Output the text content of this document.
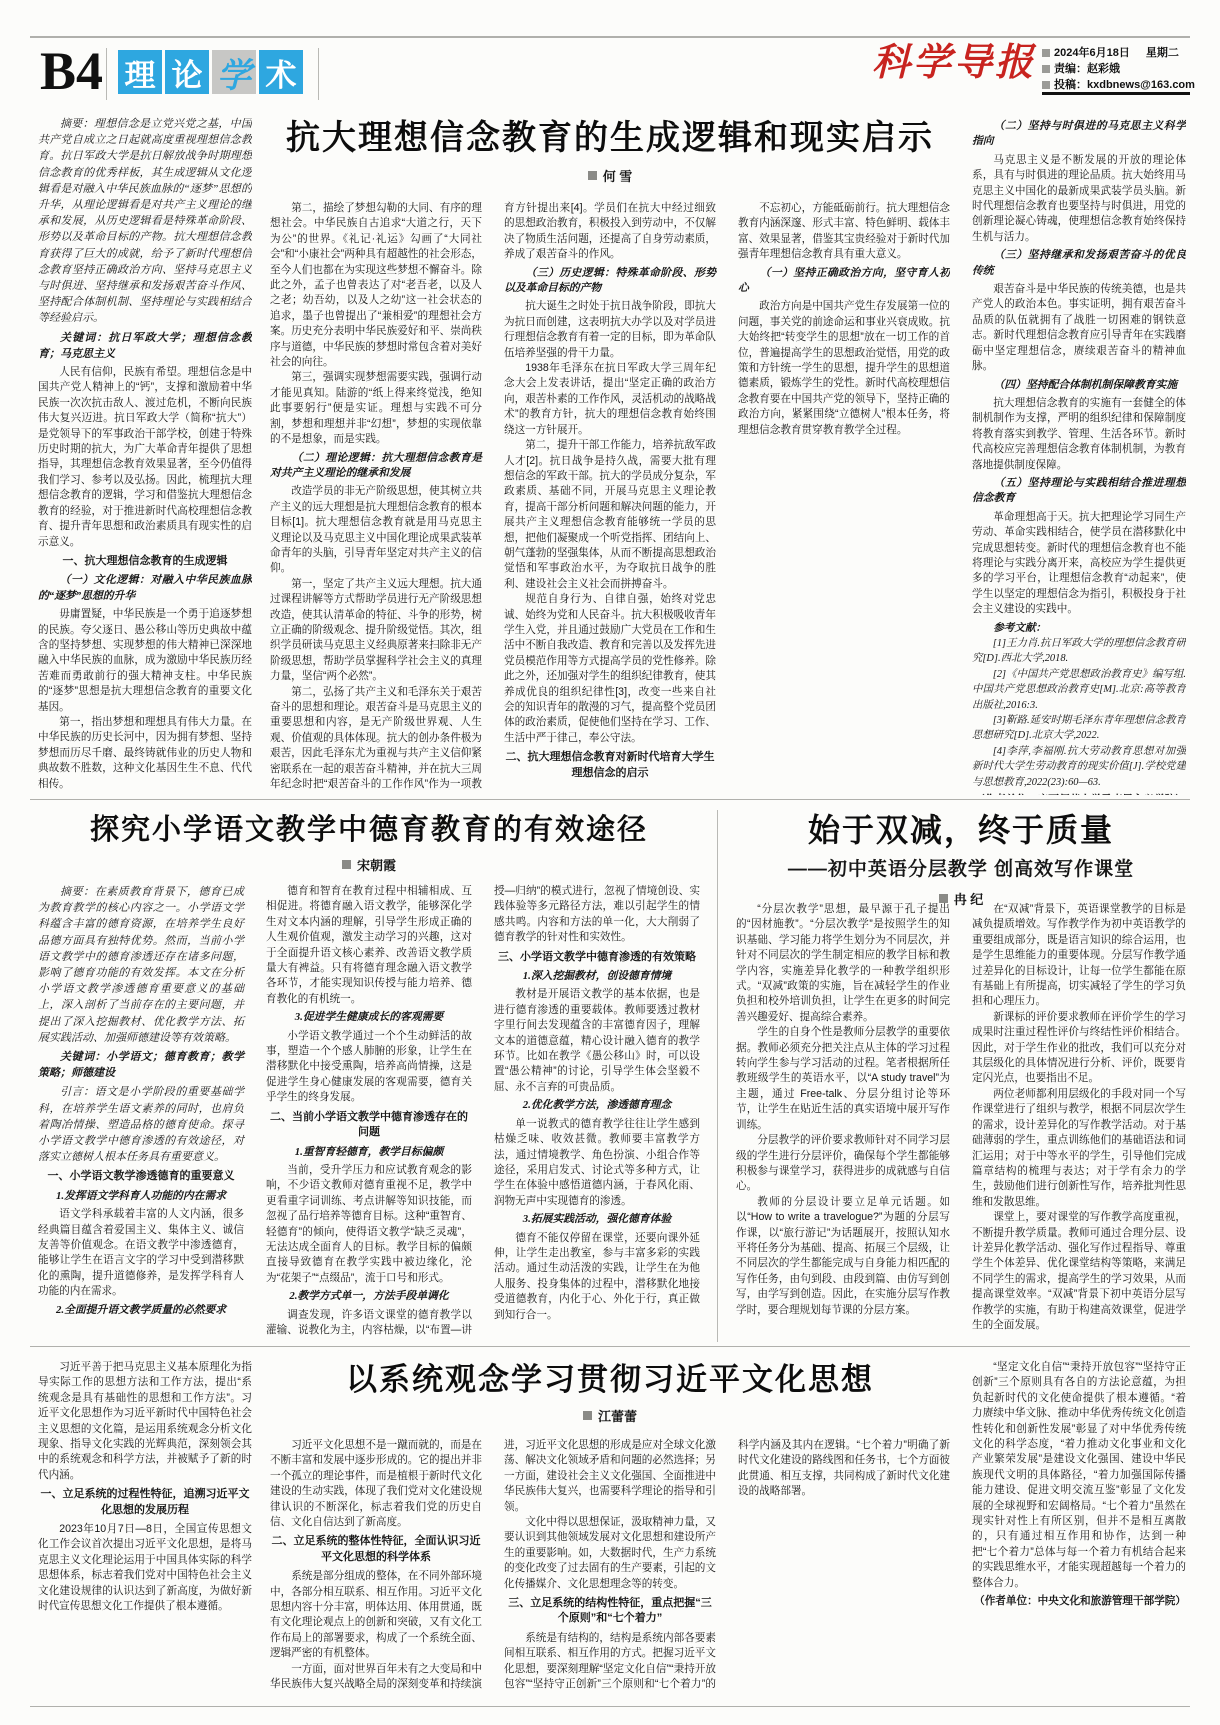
B4 理 论 学 术	科学导报 2024年6月18日 星期二
责编：赵彩娥
投稿：kxdbnews@163.com
抗大理想信念教育的生成逻辑和现实启示
何 雪

摘要：理想信念是立党兴党之基，中国共产党自成立之日起就高度重视理想信念教育。抗日军政大学是抗日解放战争时期理想信念教育的优秀样板，其生成逻辑从文化逻辑看是对融入中华民族血脉的“逐梦”思想的升华，从理论逻辑看是对共产主义理论的继承和发展，从历史逻辑看是特殊革命阶段、形势以及革命目标的产物。抗大理想信念教育获得了巨大的成就，给予了新时代理想信念教育坚持正确政治方向、坚持马克思主义与时俱进、坚持继承和发扬艰苦奋斗作风、坚持配合体制机制、坚持理论与实践相结合等经验启示。

关键词：抗日军政大学；理想信念教育；马克思主义

人民有信仰，民族有希望。理想信念是中国共产党人精神上的“钙”，支撑和激励着中华民族一次次抗击敌人、渡过危机，不断向民族伟大复兴迈进。抗日军政大学（简称“抗大”）是党领导下的军事政治干部学校，创建于特殊历史时期的抗大，为广大革命青年提供了思想指导，其理想信念教育效果显著，至今仍值得我们学习、参考以及弘扬。因此，梳理抗大理想信念教育的逻辑，学习和借鉴抗大理想信念教育的经验，对于推进新时代高校理想信念教育、提升青年思想和政治素质具有现实性的启示意义。

一、抗大理想信念教育的生成逻辑

（一）文化逻辑：对融入中华民族血脉的“逐梦”思想的升华

毋庸置疑，中华民族是一个勇于追逐梦想的民族。夸父逐日、愚公移山等历史典故中蕴含的坚持梦想、实现梦想的伟大精神已深深地融入中华民族的血脉，成为激励中华民族历经苦难而勇敢前行的强大精神支柱。中华民族的“逐梦”思想是抗大理想信念教育的重要文化基因。

第一，指出梦想和理想具有伟大力量。在中华民族的历史长河中，因为拥有梦想、坚持梦想而历尽千磨、最终铸就伟业的历史人物和典故数不胜数，这种文化基因生生不息、代代相传。

第二，描绘了梦想勾勒的大同、有序的理想社会。中华民族自古追求“大道之行，天下为公”的世界。《礼记·礼运》勾画了“大同社会”和“小康社会”两种具有超越性的社会形态，至今人们也都在为实现这些梦想不懈奋斗。除此之外，孟子也曾表达了对“老吾老，以及人之老；幼吾幼，以及人之幼”这一社会状态的追求，墨子也曾提出了“兼相爱”的理想社会方案。历史充分表明中华民族爱好和平、崇尚秩序与道德，中华民族的梦想时常包含着对美好社会的向往。

第三，强调实现梦想需要实践，强调行动才能见真知。陆游的“纸上得来终觉浅，绝知此事要躬行”便是实证。理想与实践不可分割，梦想和理想并非“幻想”，梦想的实现依靠的不是想象，而是实践。

（二）理论逻辑：抗大理想信念教育是对共产主义理论的继承和发展

改造学员的非无产阶级思想，使其树立共产主义的远大理想是抗大理想信念教育的根本目标[1]。抗大理想信念教育就是用马克思主义理论以及马克思主义中国化理论成果武装革命青年的头脑，引导青年坚定对共产主义的信仰。

第一，坚定了共产主义远大理想。抗大通过课程讲解等方式帮助学员进行无产阶级思想改造，使其认清革命的特征、斗争的形势，树立正确的阶级观念、提升阶级觉悟。其次，组织学员研读马克思主义经典原著来扫除非无产阶级思想，帮助学员掌握科学社会主义的真理力量，坚信“两个必然”。

第二，弘扬了共产主义和毛泽东关于艰苦奋斗的思想和理论。艰苦奋斗是马克思主义的重要思想和内容，是无产阶级世界观、人生观、价值观的具体体现。抗大的创办条件极为艰苦，因此毛泽东尤为重视与共产主义信仰紧密联系在一起的艰苦奋斗精神，并在抗大三周年纪念时把“艰苦奋斗的工作作风”作为一项教育方针提出来[4]。学员们在抗大中经过细致的思想政治教育，积极投入到劳动中，不仅解决了物质生活问题，还提高了自身劳动素质，养成了艰苦奋斗的作风。

（三）历史逻辑：特殊革命阶段、形势以及革命目标的产物

抗大诞生之时处于抗日战争阶段，即抗大为抗日而创建，这表明抗大办学以及对学员进行理想信念教育有着一定的目标，即为革命队伍培养坚强的骨干力量。

1938年毛泽东在抗日军政大学三周年纪念大会上发表讲话，提出“坚定正确的政治方向，艰苦朴素的工作作风，灵活机动的战略战术”的教育方针，抗大的理想信念教育始终围绕这一方针展开。

第二，提升干部工作能力，培养抗敌军政人才[2]。抗日战争是持久战，需要大批有理想信念的军政干部。抗大的学员成分复杂，军政素质、基础不同，开展马克思主义理论教育，提高干部分析问题和解决问题的能力，开展共产主义理想信念教育能够统一学员的思想，把他们凝聚成一个听党指挥、团结向上、朝气蓬勃的坚强集体，从而不断提高思想政治觉悟和军事政治水平，为夺取抗日战争的胜利、建设社会主义社会而拼搏奋斗。

规范自身行为、自律自强，始终对党忠诚、始终为党和人民奋斗。抗大积极吸收青年学生入党，并且通过鼓励广大党员在工作和生活中不断自我改造、教育和完善以及发挥先进党员模范作用等方式提高学员的党性修养。除此之外，还加强对学生的组织纪律教育，使其养成优良的组织纪律性[3]，改变一些来自社会的知识青年的散漫的习气，提高整个党员团体的政治素质，促使他们坚持在学习、工作、生活中严于律己，奉公守法。

二、抗大理想信念教育对新时代培育大学生理想信念的启示

不忘初心，方能砥砺前行。抗大理想信念教育内涵深邃、形式丰富、特色鲜明、载体丰富、效果显著，借鉴其宝贵经验对于新时代加强青年理想信念教育具有重大意义。

（一）坚持正确政治方向，坚守育人初心

政治方向是中国共产党生存发展第一位的问题，事关党的前途命运和事业兴衰成败。抗大始终把“转变学生的思想”放在一切工作的首位，普遍提高学生的思想政治觉悟，用党的政策和方针统一学生的思想，提升学生的思想道德素质，锻炼学生的党性。新时代高校理想信念教育要在中国共产党的领导下，坚持正确的政治方向，紧紧围绕“立德树人”根本任务，将理想信念教育贯穿教育教学全过程。

（二）坚持与时俱进的马克思主义科学指向

马克思主义是不断发展的开放的理论体系，具有与时俱进的理论品质。抗大始终用马克思主义中国化的最新成果武装学员头脑。新时代理想信念教育也要坚持与时俱进，用党的创新理论凝心铸魂，使理想信念教育始终保持生机与活力。

（三）坚持继承和发扬艰苦奋斗的优良传统

艰苦奋斗是中华民族的传统美德，也是共产党人的政治本色。事实证明，拥有艰苦奋斗品质的队伍就拥有了战胜一切困难的钢铁意志。新时代理想信念教育应引导青年在实践磨砺中坚定理想信念，赓续艰苦奋斗的精神血脉。

（四）坚持配合体制机制保障教育实施

抗大理想信念教育的实施有一套健全的体制机制作为支撑，严明的组织纪律和保障制度将教育落实到教学、管理、生活各环节。新时代高校应完善理想信念教育体制机制，为教育落地提供制度保障。

（五）坚持理论与实践相结合推进理想信念教育

革命理想高于天。抗大把理论学习同生产劳动、革命实践相结合，使学员在潜移默化中完成思想转变。新时代的理想信念教育也不能将理论与实践分离开来，高校应为学生提供更多的学习平台，让理想信念教育“动起来”，使学生以坚定的理想信念为指引，积极投身于社会主义建设的实践中。

参考文献：

[1]王力肖.抗日军政大学的理想信念教育研究[D].西北大学,2018.

[2]《中国共产党思想政治教育史》编写组.中国共产党思想政治教育史[M].北京:高等教育出版社,2016:3.

[3]靳路.延安时期毛泽东青年理想信念教育思想研究[D].北京大学,2022.

[4]李萍,李福刚.抗大劳动教育思想对加强新时代大学生劳动教育的现实价值[J].学校党建与思想教育,2022(23):60—63.

探究小学语文教学中德育教育的有效途径
宋朝霞

摘要：在素质教育背景下，德育已成为教育教学的核心内容之一。小学语文学科蕴含丰富的德育资源，在培养学生良好品德方面具有独特优势。然而，当前小学语文教学中的德育渗透还存在诸多问题，影响了德育功能的有效发挥。本文在分析小学语文教学渗透德育重要意义的基础上，深入剖析了当前存在的主要问题，并提出了深入挖掘教材、优化教学方法、拓展实践活动、加强师德建设等有效策略。

关键词：小学语文；德育教育；教学策略；师德建设

引言：语文是小学阶段的重要基础学科，在培养学生语文素养的同时，也肩负着陶冶情操、塑造品格的德育使命。探寻小学语文教学中德育渗透的有效途径，对落实立德树人根本任务具有重要意义。

一、小学语文教学渗透德育的重要意义

1.发挥语文学科育人功能的内在需求

语文学科承载着丰富的人文内涵，很多经典篇目蕴含着爱国主义、集体主义、诚信友善等价值观念。在语文教学中渗透德育，能够让学生在语言文字的学习中受到潜移默化的熏陶，提升道德修养，是发挥学科育人功能的内在需求。

2.全面提升语文教学质量的必然要求

德育和智育在教育过程中相辅相成、互相促进。将德育融入语文教学，能够深化学生对文本内涵的理解，引导学生形成正确的人生观价值观，激发主动学习的兴趣，这对于全面提升语文核心素养、改善语文教学质量大有裨益。只有将德育理念融入语文教学各环节，才能实现知识传授与能力培养、德育教化的有机统一。

3.促进学生健康成长的客观需要

小学语文教学通过一个个生动鲜活的故事，塑造一个个感人肺腑的形象，让学生在潜移默化中接受熏陶，培养高尚情操，这是促进学生身心健康发展的客观需要，德育关乎学生的终身发展。

二、当前小学语文教学中德育渗透存在的问题

1.重智育轻德育，教学目标偏颇

当前，受升学压力和应试教育观念的影响，不少语文教师对德育重视不足，教学中更看重字词训练、考点讲解等知识技能，而忽视了品行培养等德育目标。这种“重智育、轻德育”的倾向，使得语文教学“缺乏灵魂”，无法达成全面育人的目标。教学目标的偏颇直接导致德育在教学实践中被边缘化，沦为“花架子”“点缀品”，流于口号和形式。

2.教学方式单一，方法手段单调化

调查发现，许多语文课堂的德育教学以灌输、说教化为主，内容枯燥，以“布置—讲授—归纳”的模式进行，忽视了情境创设、实践体验等多元路径方法，难以引起学生的情感共鸣。内容和方法的单一化，大大削弱了德育教学的针对性和实效性。

三、小学语文教学中德育渗透的有效策略

1.深入挖掘教材，创设德育情境

教材是开展语文教学的基本依据，也是进行德育渗透的重要载体。教师要透过教材字里行间去发现蕴含的丰富德育因子，理解文本的道德意蕴，精心设计融入德育的教学环节。比如在教学《愚公移山》时，可以设置“愚公精神”的讨论，引导学生体会坚毅不屈、永不言弃的可贵品质。

2.优化教学方法，渗透德育理念

单一说教式的德育教学往往让学生感到枯燥乏味、收效甚微。教师要丰富教学方法，通过情境教学、角色扮演、小组合作等途径，采用启发式、讨论式等多种方式，让学生在体验中感悟道德内涵，于春风化雨、润物无声中实现德育的渗透。

3.拓展实践活动，强化德育体验

德育不能仅停留在课堂，还要向课外延伸，让学生走出教室，参与丰富多彩的实践活动。通过生动活泼的实践，让学生在为他人服务、投身集体的过程中，潜移默化地接受道德教育，内化于心、外化于行，真正做到知行合一。

始于双减，终于质量
——初中英语分层教学 创高效写作课堂
冉 纪

“分层次教学”思想，最早源于孔子提出的“因材施教”。“分层次教学”是按照学生的知识基础、学习能力将学生划分为不同层次，并针对不同层次的学生制定相应的教学目标和教学内容，实施差异化教学的一种教学组织形式。“双减”政策的实施，旨在减轻学生的作业负担和校外培训负担，让学生在更多的时间完善兴趣爱好、提高综合素养。

学生的自身个性是教师分层教学的重要依据。教师必须充分把关注点从主体的学习过程转向学生参与学习活动的过程。笔者根据所任教班级学生的英语水平，以“A study travel”为主题，通过 Free-talk、分层分组讨论等环节，让学生在贴近生活的真实语境中展开写作训练。

分层教学的评价要求教师针对不同学习层级的学生进行分层评价，确保每个学生都能够积极参与课堂学习，获得进步的成就感与自信心。

教师的分层设计要立足单元话题。如以“How to write a travelogue?”为题的分层写作课，以“旅行游记”为话题展开，按照认知水平将任务分为基础、提高、拓展三个层级，让不同层次的学生都能完成与自身能力相匹配的写作任务，由句到段、由段到篇、由仿写到创写，由学写到创造。因此，在实施分层写作教学时，要合理规划每节课的分层方案。

在“双减”背景下，英语课堂教学的目标是减负提质增效。写作教学作为初中英语教学的重要组成部分，既是语言知识的综合运用，也是学生思维能力的重要体现。分层写作教学通过差异化的目标设计，让每一位学生都能在原有基础上有所提高，切实减轻了学生的学习负担和心理压力。

新课标的评价要求教师在评价学生的学习成果时注重过程性评价与终结性评价相结合。因此，对于学生作业的批改，我们可以充分对其层级化的具体情况进行分析、评价，既要肯定闪光点，也要指出不足。

两位老师都利用层级化的手段对同一个写作课堂进行了组织与教学，根据不同层次学生的需求，设计差异化的写作教学活动。对于基础薄弱的学生，重点训练他们的基础语法和词汇运用；对于中等水平的学生，引导他们完成篇章结构的梳理与表达；对于学有余力的学生，鼓励他们进行创新性写作，培养批判性思维和发散思维。

课堂上，要对课堂的写作教学高度重视，不断提升教学质量。教师可通过合理分层、设计差异化教学活动、强化写作过程指导、尊重学生个体差异、优化课堂结构等策略，来满足不同学生的需求，提高学生的学习效果，从而提高课堂效率。“双减”背景下初中英语分层写作教学的实施，有助于构建高效课堂，促进学生的全面发展。

以系统观念学习贯彻习近平文化思想
江蕾蕾

习近平善于把马克思主义基本原理化为指导实际工作的思想方法和工作方法，提出“系统观念是具有基础性的思想和工作方法”。习近平文化思想作为习近平新时代中国特色社会主义思想的文化篇，是运用系统观念分析文化现象、指导文化实践的光辉典范，深刻领会其中的系统观念和科学方法，并被赋予了新的时代内涵。

一、立足系统的过程性特征，追溯习近平文化思想的发展历程

2023年10月7日—8日，全国宣传思想文化工作会议首次提出习近平文化思想，是将马克思主义文化理论运用于中国具体实际的科学思想体系，标志着我们党对中国特色社会主义文化建设规律的认识达到了新高度，为做好新时代宣传思想文化工作提供了根本遵循。

习近平文化思想不是一蹴而就的，而是在不断丰富和发展中逐步形成的。它的提出并非一个孤立的理论事件，而是植根于新时代文化建设的生动实践，体现了我们党对文化建设规律认识的不断深化，标志着我们党的历史自信、文化自信达到了新高度。

二、立足系统的整体性特征，全面认识习近平文化思想的科学体系

系统是部分组成的整体，在不同外部环境中，各部分相互联系、相互作用。习近平文化思想内容十分丰富，明体达用、体用贯通，既有文化理论观点上的创新和突破，又有文化工作布局上的部署要求，构成了一个系统全面、逻辑严密的有机整体。

一方面，面对世界百年未有之大变局和中华民族伟大复兴战略全局的深刻变革和持续演进，习近平文化思想的形成是应对全球文化激荡、解决文化领域矛盾和问题的必然选择；另一方面，建设社会主义文化强国、全面推进中华民族伟大复兴，也需要科学理论的指导和引领。

文化中得以思想保证，汲取精神力量，又要认识到其他领域发展对文化思想和建设所产生的重要影响。如，大数据时代，生产力系统的变化改变了过去固有的生产要素，引起的文化传播媒介、文化思想理念等的转变。

三、立足系统的结构性特征，重点把握“三个原则”和“七个着力”

系统是有结构的，结构是系统内部各要素间相互联系、相互作用的方式。把握习近平文化思想，要深刻理解“坚定文化自信”“秉持开放包容”“坚持守正创新”三个原则和“七个着力”的科学内涵及其内在逻辑。“七个着力”明确了新时代文化建设的路线图和任务书，七个方面彼此贯通、相互支撑，共同构成了新时代文化建设的战略部署。

“坚定文化自信”“秉持开放包容”“坚持守正创新”三个原则具有各自的方法论意蕴，为担负起新时代的文化使命提供了根本遵循。“着力赓续中华文脉、推动中华优秀传统文化创造性转化和创新性发展”彰显了对中华优秀传统文化的科学态度，“着力推动文化事业和文化产业繁荣发展”是建设文化强国、建设中华民族现代文明的具体路径，“着力加强国际传播能力建设、促进文明交流互鉴”彰显了文化发展的全球视野和宏阔格局。“七个着力”虽然在现实针对性上有所区别，但并不是相互离散的，只有通过相互作用和协作，达到一种把“七个着力”总体与每一个着力有机结合起来的实践思维水平，才能实现超越每一个着力的整体合力。

（作者单位：中央文化和旅游管理干部学院）
